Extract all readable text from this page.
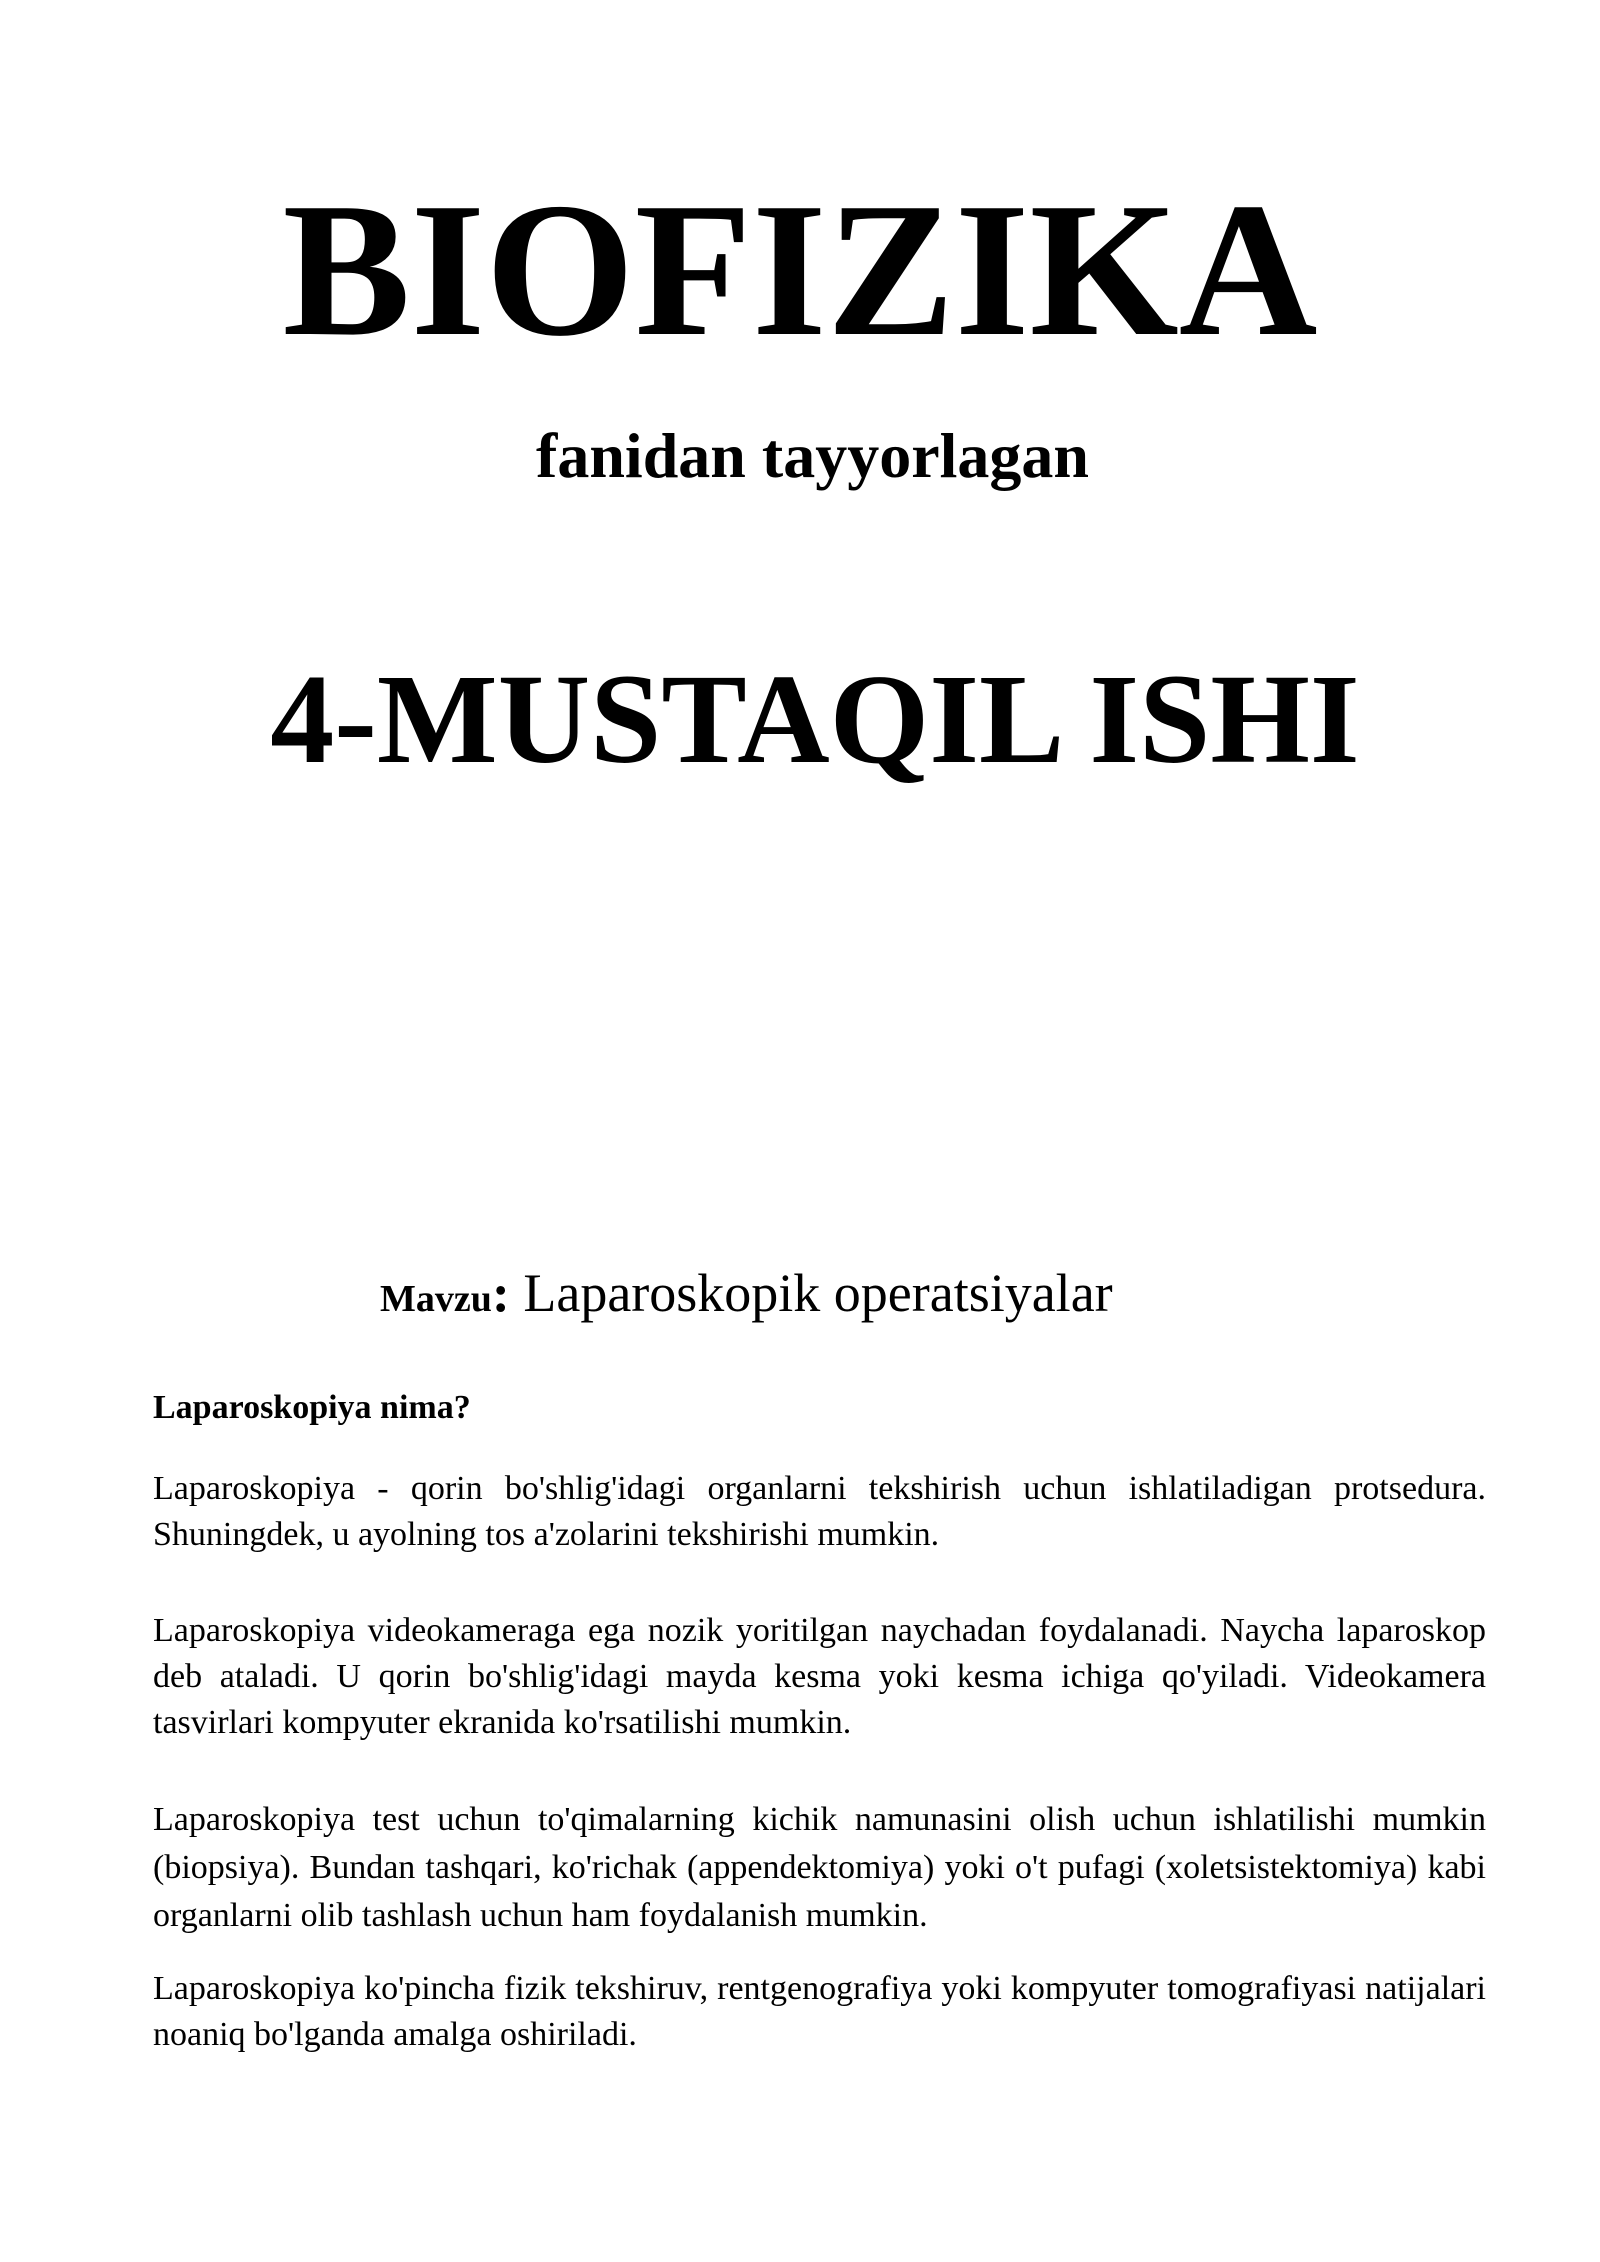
BIOFIZIKA
fanidan tayyorlagan
4-MUSTAQIL ISHI

Mavzu: Laparoskopik operatsiyalar

Laparoskopiya nima?

Laparoskopiya - qorin bo'shlig'idagi organlarni tekshirish uchun ishlatiladigan protsedura. Shuningdek, u ayolning tos a'zolarini tekshirishi mumkin.

Laparoskopiya videokameraga ega nozik yoritilgan naychadan foydalanadi. Naycha laparoskop deb ataladi. U qorin bo'shlig'idagi mayda kesma yoki kesma ichiga qo'yiladi. Videokamera tasvirlari kompyuter ekranida ko'rsatilishi mumkin.

Laparoskopiya test uchun to'qimalarning kichik namunasini olish uchun ishlatilishi mumkin (biopsiya). Bundan tashqari, ko'richak (appendektomiya) yoki o't pufagi (xoletsistektomiya) kabi organlarni olib tashlash uchun ham foydalanish mumkin.

Laparoskopiya ko'pincha fizik tekshiruv, rentgenografiya yoki kompyuter tomografiyasi natijalari noaniq bo'lganda amalga oshiriladi.
